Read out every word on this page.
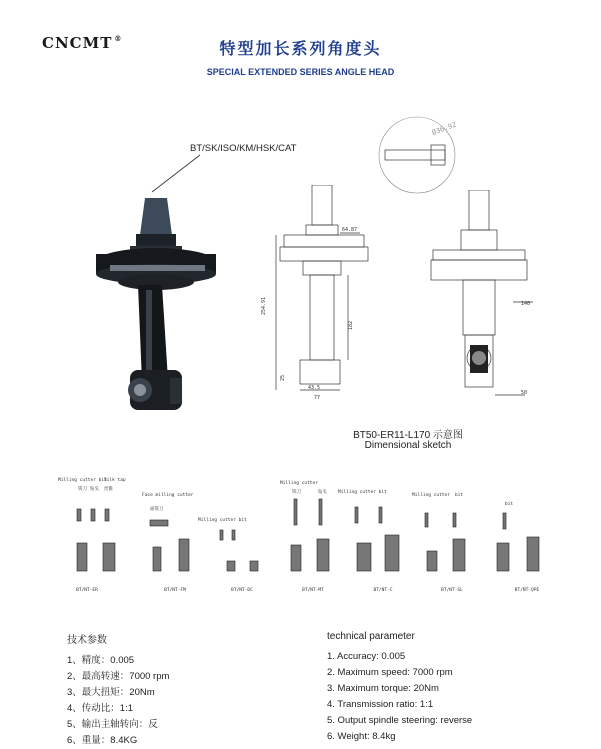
CNCMT ®
特型加长系列角度头
SPECIAL EXTENDED SERIES ANGLE HEAD
BT/SK/ISO/KM/HSK/CAT
64.87
254.91
182
43.5
77
25
Ø36.92
140
50
BT50-ER11-L170 示意图
Dimensional sketch
Milling cutter bit
Silk tap
Face milling cutter
Milling cutter bit
Milling cutter
Milling cutter bit
Milling cutter bit
bit
铣刀 钻头 丝锥
面铣刀
铣刀	钻头
BT/NT-ER	BT/NT-FM	BT/NT-DC	BT/NT-MT	BT/NT-C	BT/NT-SL	BT/NT-QPE
技术参数
1、精度：0.005
2、最高转速：7000 rpm
3、最大扭矩：20Nm
4、传动比：1:1
5、输出主轴转向：反
6、重量：8.4KG
technical parameter
1. Accuracy: 0.005
2. Maximum speed: 7000 rpm
3. Maximum torque: 20Nm
4. Transmission ratio: 1:1
5. Output spindle steering: reverse
6. Weight: 8.4kg
